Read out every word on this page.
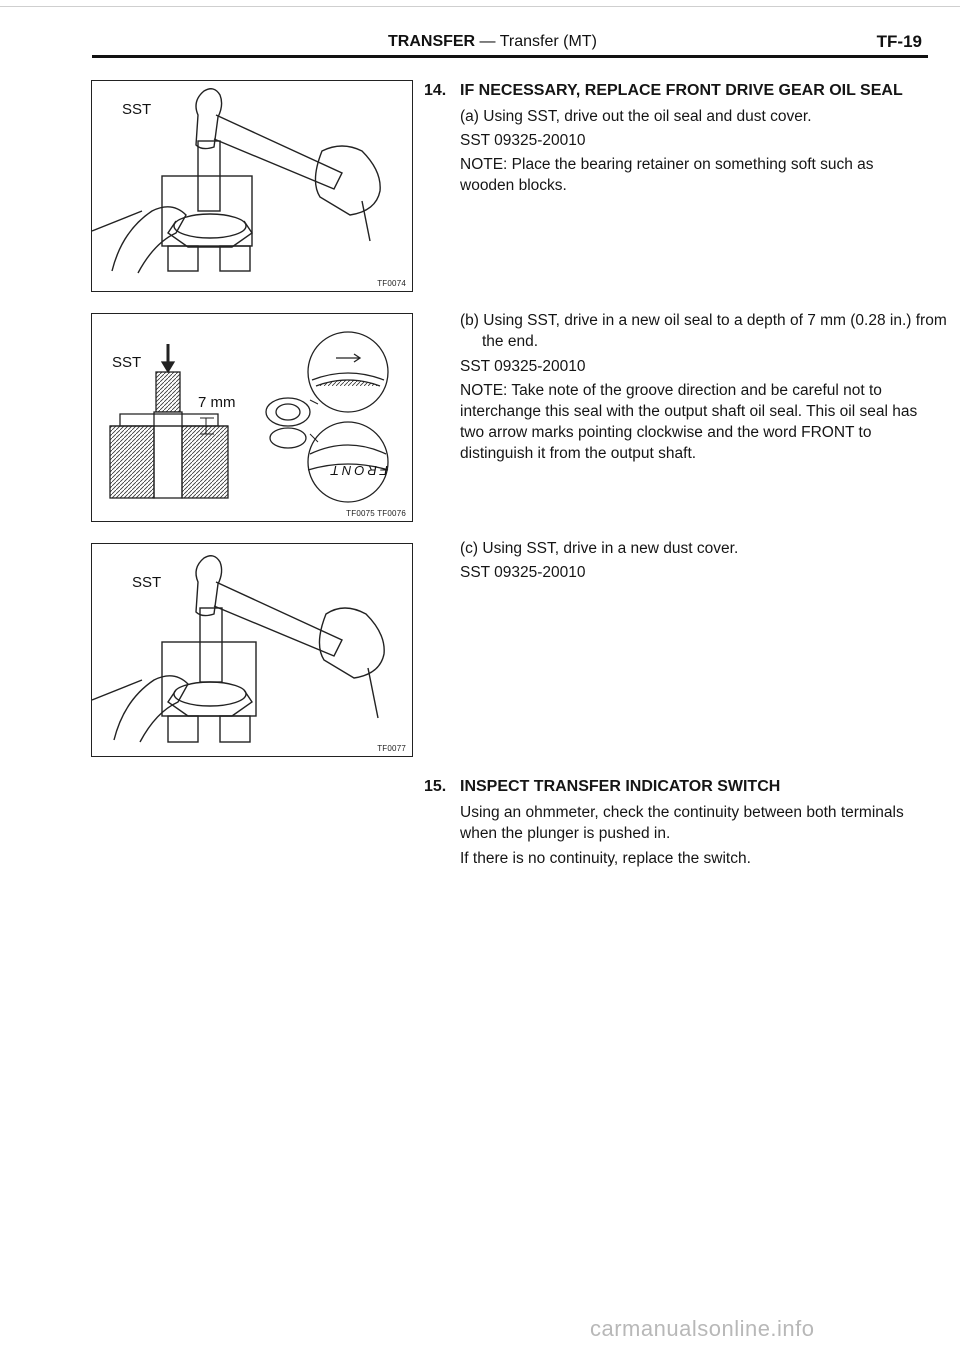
TRANSFER — Transfer (MT)	TF-19
SST
TF0074
SST
7 mm
FRONT
TF0075 TF0076
SST
TF0077
14. IF NECESSARY, REPLACE FRONT DRIVE GEAR OIL SEAL
(a) Using SST, drive out the oil seal and dust cover.
SST 09325-20010
NOTE: Place the bearing retainer on something soft such as wooden blocks.
(b) Using SST, drive in a new oil seal to a depth of 7 mm (0.28 in.) from the end.
SST 09325-20010
NOTE: Take note of the groove direction and be careful not to interchange this seal with the output shaft oil seal. This oil seal has two arrow marks pointing clockwise and the word FRONT to distinguish it from the output shaft.
(c) Using SST, drive in a new dust cover.
SST 09325-20010
15. INSPECT TRANSFER INDICATOR SWITCH
Using an ohmmeter, check the continuity between both terminals when the plunger is pushed in.
If there is no continuity, replace the switch.
carmanualsonline.info
